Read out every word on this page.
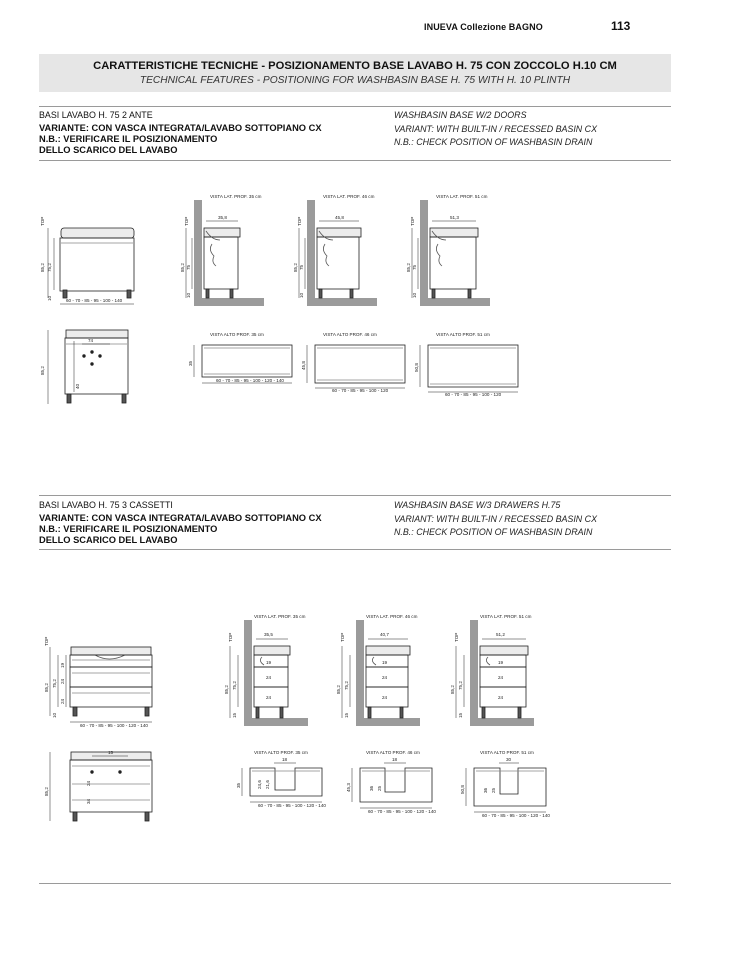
INUEVA Collezione BAGNO	113
CARATTERISTICHE TECNICHE - POSIZIONAMENTO BASE LAVABO H. 75 CON ZOCCOLO H.10 CM
TECHNICAL FEATURES - POSITIONING FOR WASHBASIN BASE H. 75 WITH H. 10 PLINTH
BASI LAVABO H. 75 2 ANTE
VARIANTE: CON VASCA INTEGRATA/LAVABO SOTTOPIANO CX
N.B.: VERIFICARE IL POSIZIONAMENTO
DELLO SCARICO DEL LAVABO
WASHBASIN BASE W/2 DOORS
VARIANT: WITH BUILT-IN / RECESSED BASIN CX
N.B.: CHECK POSITION OF WASHBASIN DRAIN
TOP
85,2 75,2
10	60 - 70 - 85 - 95 - 100 - 140
74
40
85,2
VISTA LAT. PROF. 35 cm
35,8
TOP
85,2 75
10
VISTA LAT. PROF. 46 cm
45,8
TOP
85,2 75
10
VISTA LAT. PROF. 51 cm
51,3
TOP
85,2 75
10
VISTA ALTO PROF. 35 cm
35
60 - 70 - 85 - 95 - 100 - 120 - 140
VISTA ALTO PROF. 46 cm
45,8
60 - 70 - 85 - 95 - 100 - 120
VISTA ALTO PROF. 51 cm
50,8
60 - 70 - 85 - 95 - 100 - 120
BASI LAVABO H. 75 3 CASSETTI
VARIANTE: CON VASCA INTEGRATA/LAVABO SOTTOPIANO CX
N.B.: VERIFICARE IL POSIZIONAMENTO
DELLO SCARICO DEL LAVABO
WASHBASIN BASE W/3 DRAWERS H.75
VARIANT: WITH BUILT-IN / RECESSED BASIN CX
N.B.: CHECK POSITION OF WASHBASIN DRAIN
TOP
85,2 75,2
19
24
24
10
60 - 70 - 85 - 95 - 100 - 120 - 140
15
85,2
24
34
VISTA LAT. PROF. 35 cm
35,5
TOP
85,2 75,2
15
19
24
24
VISTA LAT. PROF. 46 cm
40,7
TOP
85,2 75,2
15
19
24
24
VISTA LAT. PROF. 51 cm
51,2
TOP
85,2 75,2
15
19
24
24
VISTA ALTO PROF. 35 cm
35
18
24,6 21,6
60 - 70 - 85 - 95 - 100 - 120 - 140
VISTA ALTO PROF. 46 cm
45,3
18
36 25
60 - 70 - 85 - 95 - 100 - 120 - 140
VISTA ALTO PROF. 51 cm
50,8
30
36 25
60 - 70 - 85 - 95 - 100 - 120 - 140
